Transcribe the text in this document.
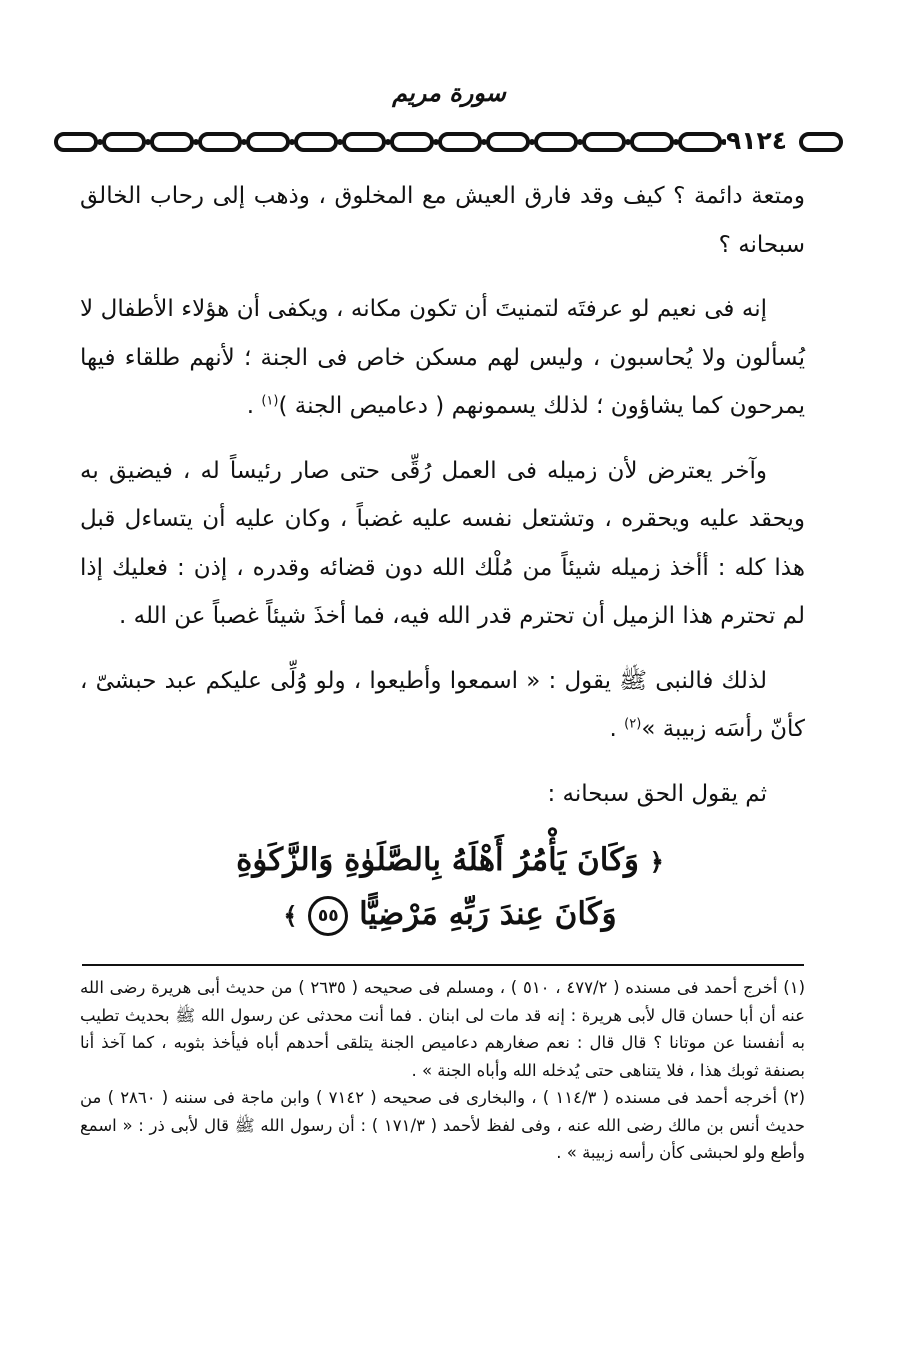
سورة مريم
٩١٢٤

ومتعة دائمة ؟ كيف وقد فارق العيش مع المخلوق ، وذهب إلى رحاب الخالق سبحانه ؟

إنه فى نعيم لو عرفتَه لتمنيتَ أن تكون مكانه ، ويكفى أن هؤلاء الأطفال لا يُسألون ولا يُحاسبون ، وليس لهم مسكن خاص فى الجنة ؛ لأنهم طلقاء فيها يمرحون كما يشاؤون ؛ لذلك يسمونهم ( دعاميص الجنة )$^{(١)}$ .

وآخر يعترض لأن زميله فى العمل رُقِّى حتى صار رئيساً له ، فيضيق به ويحقد عليه ويحقره ، وتشتعل نفسه عليه غضباً ، وكان عليه أن يتساءل قبل هذا كله : أأخذ زميله شيئاً من مُلْك الله دون قضائه وقدره ، إذن : فعليك إذا لم تحترم هذا الزميل أن تحترم قدر الله فيه، فما أخذَ شيئاً غصباً عن الله .

لذلك فالنبى ﷺ يقول : « اسمعوا وأطيعوا ، ولو وُلِّى عليكم عبد حبشىّ ، كأنّ رأسَه زبيبة »$^{(٢)}$ .

ثم يقول الحق سبحانه :

﴿ وَكَانَ يَأْمُرُ أَهْلَهُ بِالصَّلَوٰةِ وَالزَّكَوٰةِ
وَكَانَ عِندَ رَبِّهِ مَرْضِيًّا ٥٥ ﴾

(١) أخرج أحمد فى مسنده ( ٤٧٧/٢ ، ٥١٠ ) ، ومسلم فى صحيحه ( ٢٦٣٥ ) من حديث أبى هريرة رضى الله عنه أن أبا حسان قال لأبى هريرة : إنه قد مات لى ابنان . فما أنت محدثى عن رسول الله ﷺ بحديث تطيب به أنفسنا عن موتانا ؟ قال قال : نعم صغارهم دعاميص الجنة يتلقى أحدهم أباه فيأخذ بثوبه ، كما آخذ أنا بصنفة ثوبك هذا ، فلا يتناهى حتى يُدخله الله وأباه الجنة » .

(٢) أخرجه أحمد فى مسنده ( ١١٤/٣ ) ، والبخارى فى صحيحه ( ٧١٤٢ ) وابن ماجة فى سننه ( ٢٨٦٠ ) من حديث أنس بن مالك رضى الله عنه ، وفى لفظ لأحمد ( ١٧١/٣ ) : أن رسول الله ﷺ قال لأبى ذر : « اسمع وأطع ولو لحبشى كأن رأسه زبيبة » .
